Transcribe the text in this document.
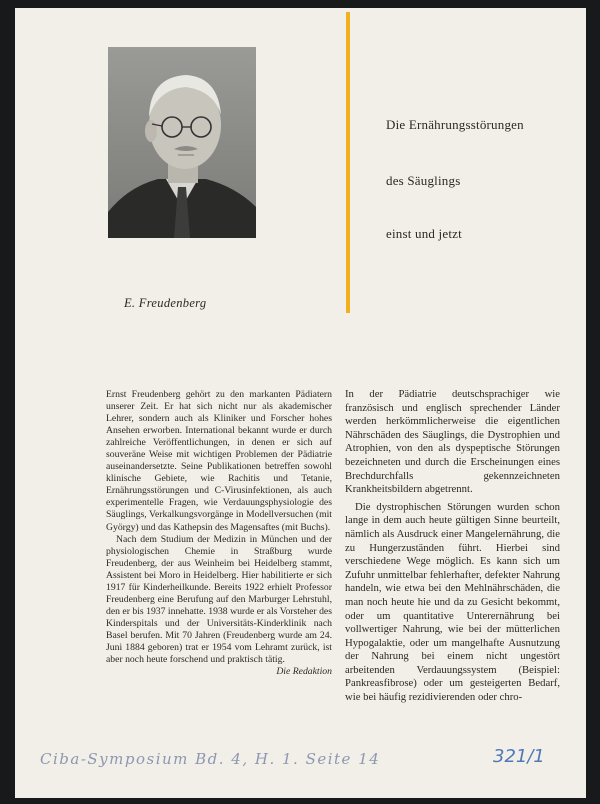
E. Freudenberg
Die Ernährungsstörungen
des Säuglings
einst und jetzt

Ernst Freudenberg gehört zu den markanten Pädiatern unserer Zeit. Er hat sich nicht nur als akademischer Lehrer, sondern auch als Kliniker und Forscher hohes Ansehen erworben. International bekannt wurde er durch zahlreiche Veröffentlichungen, in denen er sich auf souveräne Weise mit wichtigen Problemen der Pädiatrie auseinandersetzte. Seine Publikationen betreffen sowohl klinische Gebiete, wie Rachitis und Tetanie, Ernährungsstörungen und C-Virusinfektionen, als auch experimentelle Fragen, wie Verdauungsphysiologie des Säuglings, Verkalkungsvorgänge in Modellversuchen (mit György) und das Kathepsin des Magensaftes (mit Buchs).

Nach dem Studium der Medizin in München und der physiologischen Chemie in Straßburg wurde Freudenberg, der aus Weinheim bei Heidelberg stammt, Assistent bei Moro in Heidelberg. Hier habilitierte er sich 1917 für Kinderheilkunde. Bereits 1922 erhielt Professor Freudenberg eine Berufung auf den Marburger Lehrstuhl, den er bis 1937 innehatte. 1938 wurde er als Vorsteher des Kinderspitals und der Universitäts-Kinderklinik nach Basel berufen. Mit 70 Jahren (Freudenberg wurde am 24. Juni 1884 geboren) trat er 1954 vom Lehramt zurück, ist aber noch heute forschend und praktisch tätig.

Die Redaktion

In der Pädiatrie deutschsprachiger wie französisch und englisch sprechender Länder werden herkömmlicherweise die eigentlichen Nährschäden des Säuglings, die Dystrophien und Atrophien, von den als dyspeptische Störungen bezeichneten und durch die Erscheinungen eines Brechdurchfalls gekennzeichneten Krankheitsbildern abgetrennt.

Die dystrophischen Störungen wurden schon lange in dem auch heute gültigen Sinne beurteilt, nämlich als Ausdruck einer Mangelernährung, die zu Hungerzuständen führt. Hierbei sind verschiedene Wege möglich. Es kann sich um Zufuhr unmittelbar fehlerhafter, defekter Nahrung handeln, wie etwa bei den Mehlnährschäden, die man noch heute hie und da zu Gesicht bekommt, oder um quantitative Unterernährung bei vollwertiger Nahrung, wie bei der mütterlichen Hypogalaktie, oder um mangelhafte Ausnutzung der Nahrung bei einem nicht ungestört arbeitenden Verdauungssystem (Beispiel: Pankreasfibrose) oder um gesteigerten Bedarf, wie bei häufig rezidivierenden oder chro-

Ciba-Symposium Bd. 4, H. 1. Seite 14	321/1
